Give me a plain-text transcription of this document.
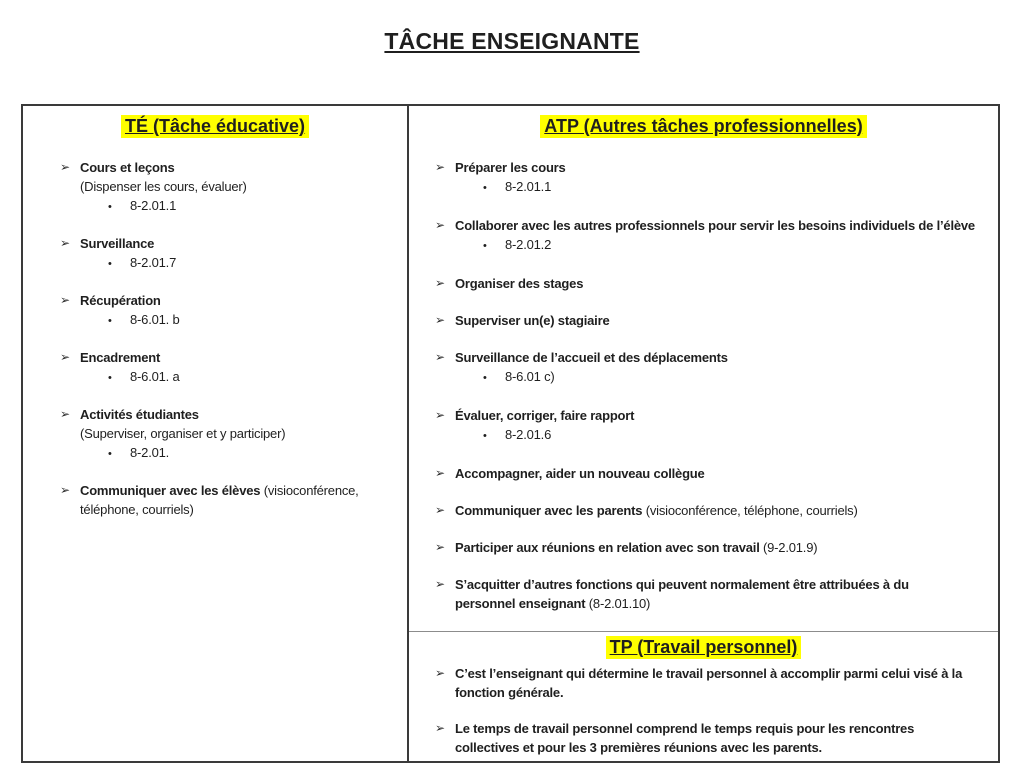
TÂCHE ENSEIGNANTE
TÉ (Tâche éducative)
➢ Cours et leçons
(Dispenser les cours, évaluer)
• 8-2.01.1
➢ Surveillance
• 8-2.01.7
➢ Récupération
• 8-6.01. b
➢ Encadrement
• 8-6.01. a
➢ Activités étudiantes
(Superviser, organiser et y participer)
• 8-2.01.
➢ Communiquer avec les élèves (visioconférence, téléphone, courriels)
ATP (Autres tâches professionnelles)
➢ Préparer les cours
• 8-2.01.1
➢ Collaborer avec les autres professionnels pour servir les besoins individuels de l’élève
• 8-2.01.2
➢ Organiser des stages
➢ Superviser un(e) stagiaire
➢ Surveillance de l’accueil et des déplacements
• 8-6.01 c)
➢ Évaluer, corriger, faire rapport
• 8-2.01.6
➢ Accompagner, aider un nouveau collègue
➢ Communiquer avec les parents (visioconférence, téléphone, courriels)
➢ Participer aux réunions en relation avec son travail (9-2.01.9)
➢ S’acquitter d’autres fonctions qui peuvent normalement être attribuées à du
personnel enseignant (8-2.01.10)
TP (Travail personnel)
➢ C’est l’enseignant qui détermine le travail personnel à accomplir parmi celui visé à la
fonction générale.
➢ Le temps de travail personnel comprend le temps requis pour les rencontres
collectives et pour les 3 premières réunions avec les parents.
